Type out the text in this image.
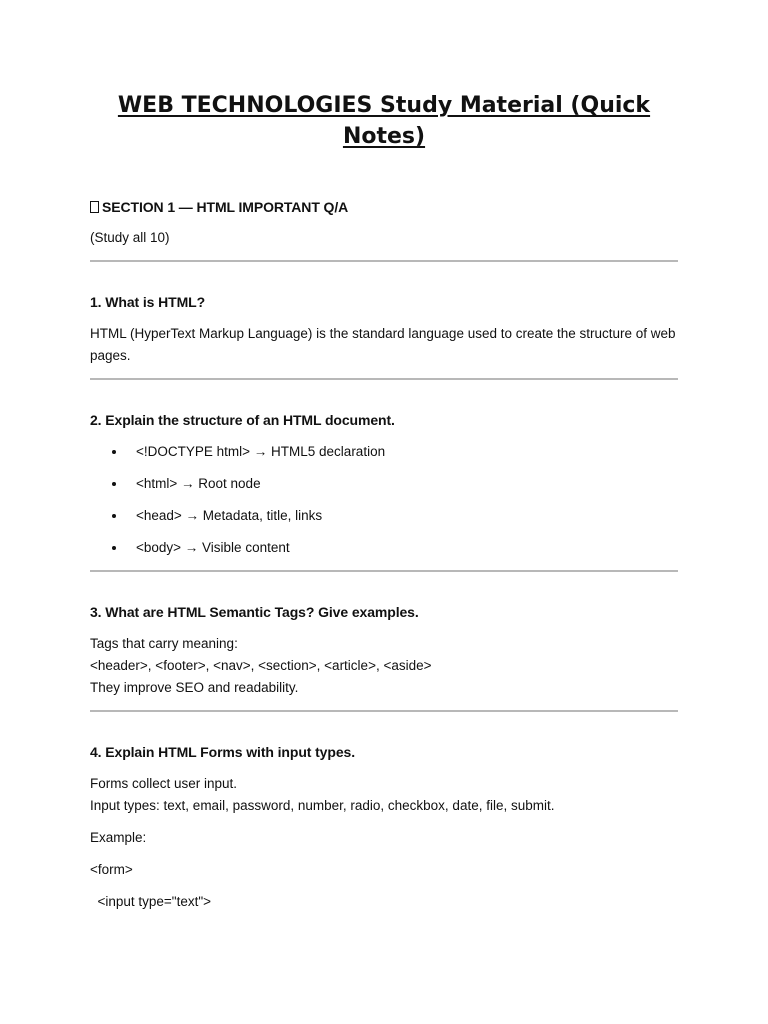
WEB TECHNOLOGIES Study Material (Quick Notes)

SECTION 1 — HTML IMPORTANT Q/A

(Study all 10)

1. What is HTML?

HTML (HyperText Markup Language) is the standard language used to create the structure of web pages.

2. Explain the structure of an HTML document.

<!DOCTYPE html> → HTML5 declaration
<html> → Root node
<head> → Metadata, title, links
<body> → Visible content

3. What are HTML Semantic Tags? Give examples.

Tags that carry meaning:

<header>, <footer>, <nav>, <section>, <article>, <aside>

They improve SEO and readability.

4. Explain HTML Forms with input types.

Forms collect user input.

Input types: text, email, password, number, radio, checkbox, date, file, submit.

Example:

<form>

<input type="text">
